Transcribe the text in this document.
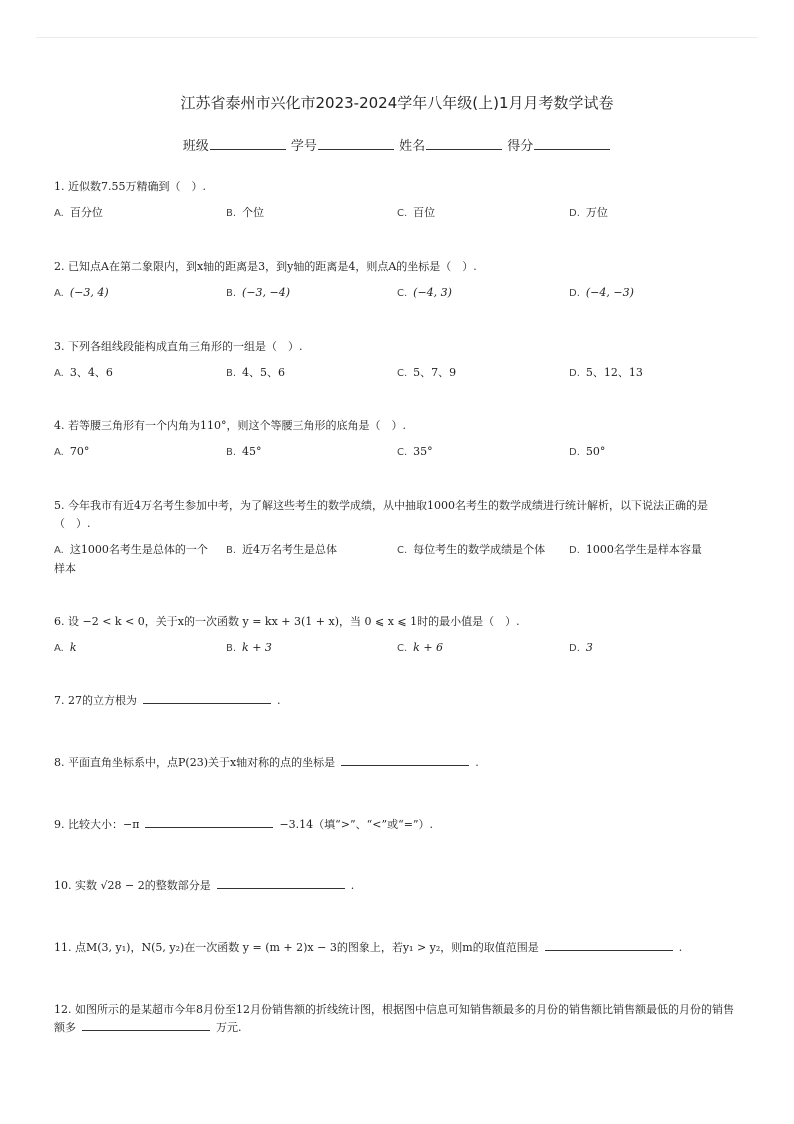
江苏省泰州市兴化市2023-2024学年八年级(上)1月月考数学试卷
班级	学号	姓名	得分
1. 近似数7.55万精确到（　）.
A. 百分位	B. 个位	C. 百位	D. 万位
2. 已知点A在第二象限内，到x轴的距离是3，到y轴的距离是4，则点A的坐标是（　）.
A. (−3, 4)	B. (−3, −4)	C. (−4, 3)	D. (−4, −3)
3. 下列各组线段能构成直角三角形的一组是（　）.
A. 3、4、6	B. 4、5、6	C. 5、7、9	D. 5、12、13
4. 若等腰三角形有一个内角为110°，则这个等腰三角形的底角是（　）.
A. 70°	B. 45°	C. 35°	D. 50°
5. 今年我市有近4万名考生参加中考，为了解这些考生的数学成绩，从中抽取1000名考生的数学成绩进行统计解析，以下说法正确的是（　）.
A. 这1000名考生是总体的一个样本
B. 近4万名考生是总体	C. 每位考生的数学成绩是个体	D. 1000名学生是样本容量
6. 设 −2 < k < 0，关于x的一次函数 y = kx + 3(1 + x)，当 0 ⩽ x ⩽ 1时的最小值是（　）.
A. k	B. k + 3	C. k + 6	D. 3
7. 27的立方根为	.
8. 平面直角坐标系中，点P(23)关于x轴对称的点的坐标是	.
9. 比较大小：−π	−3.14（填“>”、“<”或“=”）.
10. 实数 √28 − 2的整数部分是	.
11. 点M(3, y₁)，N(5, y₂)在一次函数 y = (m + 2)x − 3的图象上，若y₁ > y₂，则m的取值范围是	.
12. 如图所示的是某超市今年8月份至12月份销售额的折线统计图，根据图中信息可知销售额最多的月份的销售额比销售额最低的月份的销售额多	万元.
